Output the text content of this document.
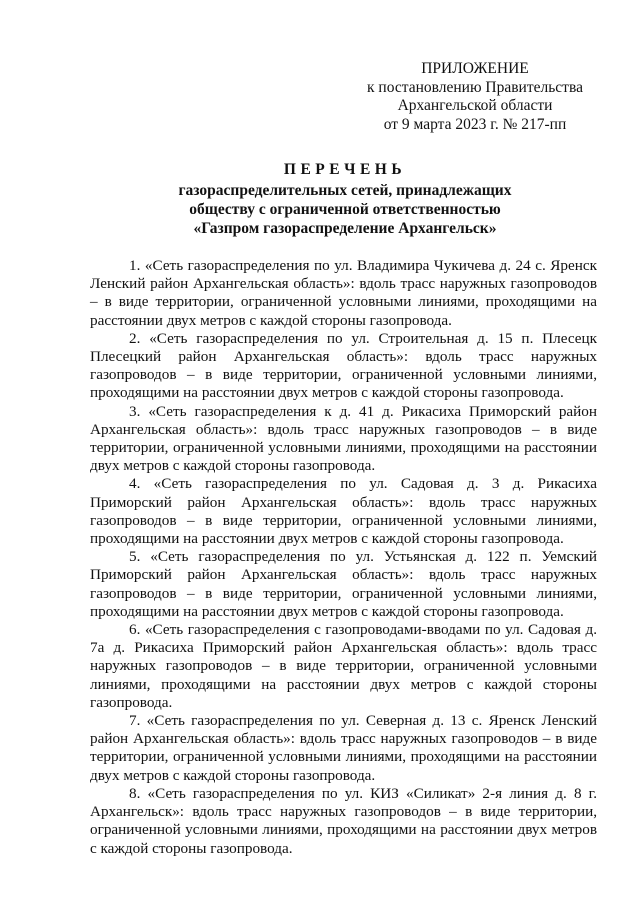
ПРИЛОЖЕНИЕ
к постановлению Правительства
Архангельской области
от 9 марта 2023 г. № 217-пп
ПЕРЕЧЕНЬ
газораспределительных сетей, принадлежащих
обществу с ограниченной ответственностью
«Газпром газораспределение Архангельск»

1. «Сеть газораспределения по ул. Владимира Чукичева д. 24 с. Яренск Ленский район Архангельская область»: вдоль трасс наружных газопроводов – в виде территории, ограниченной условными линиями, проходящими на расстоянии двух метров с каждой стороны газопровода.

2. «Сеть газораспределения по ул. Строительная д. 15 п. Плесецк Плесецкий район Архангельская область»: вдоль трасс наружных газопроводов – в виде территории, ограниченной условными линиями, проходящими на расстоянии двух метров с каждой стороны газопровода.

3. «Сеть газораспределения к д. 41 д. Рикасиха Приморский район Архангельская область»: вдоль трасс наружных газопроводов – в виде территории, ограниченной условными линиями, проходящими на расстоянии двух метров с каждой стороны газопровода.

4. «Сеть газораспределения по ул. Садовая д. 3 д. Рикасиха Приморский район Архангельская область»: вдоль трасс наружных газопроводов – в виде территории, ограниченной условными линиями, проходящими на расстоянии двух метров с каждой стороны газопровода.

5. «Сеть газораспределения по ул. Устьянская д. 122 п. Уемский Приморский район Архангельская область»: вдоль трасс наружных газопроводов – в виде территории, ограниченной условными линиями, проходящими на расстоянии двух метров с каждой стороны газопровода.

6. «Сеть газораспределения с газопроводами-вводами по ул. Садовая д. 7а д. Рикасиха Приморский район Архангельская область»: вдоль трасс наружных газопроводов – в виде территории, ограниченной условными линиями, проходящими на расстоянии двух метров с каждой стороны газопровода.

7. «Сеть газораспределения по ул. Северная д. 13 с. Яренск Ленский район Архангельская область»: вдоль трасс наружных газопроводов – в виде территории, ограниченной условными линиями, проходящими на расстоянии двух метров с каждой стороны газопровода.

8. «Сеть газораспределения по ул. КИЗ «Силикат» 2-я линия д. 8 г. Архангельск»: вдоль трасс наружных газопроводов – в виде территории, ограниченной условными линиями, проходящими на расстоянии двух метров с каждой стороны газопровода.
